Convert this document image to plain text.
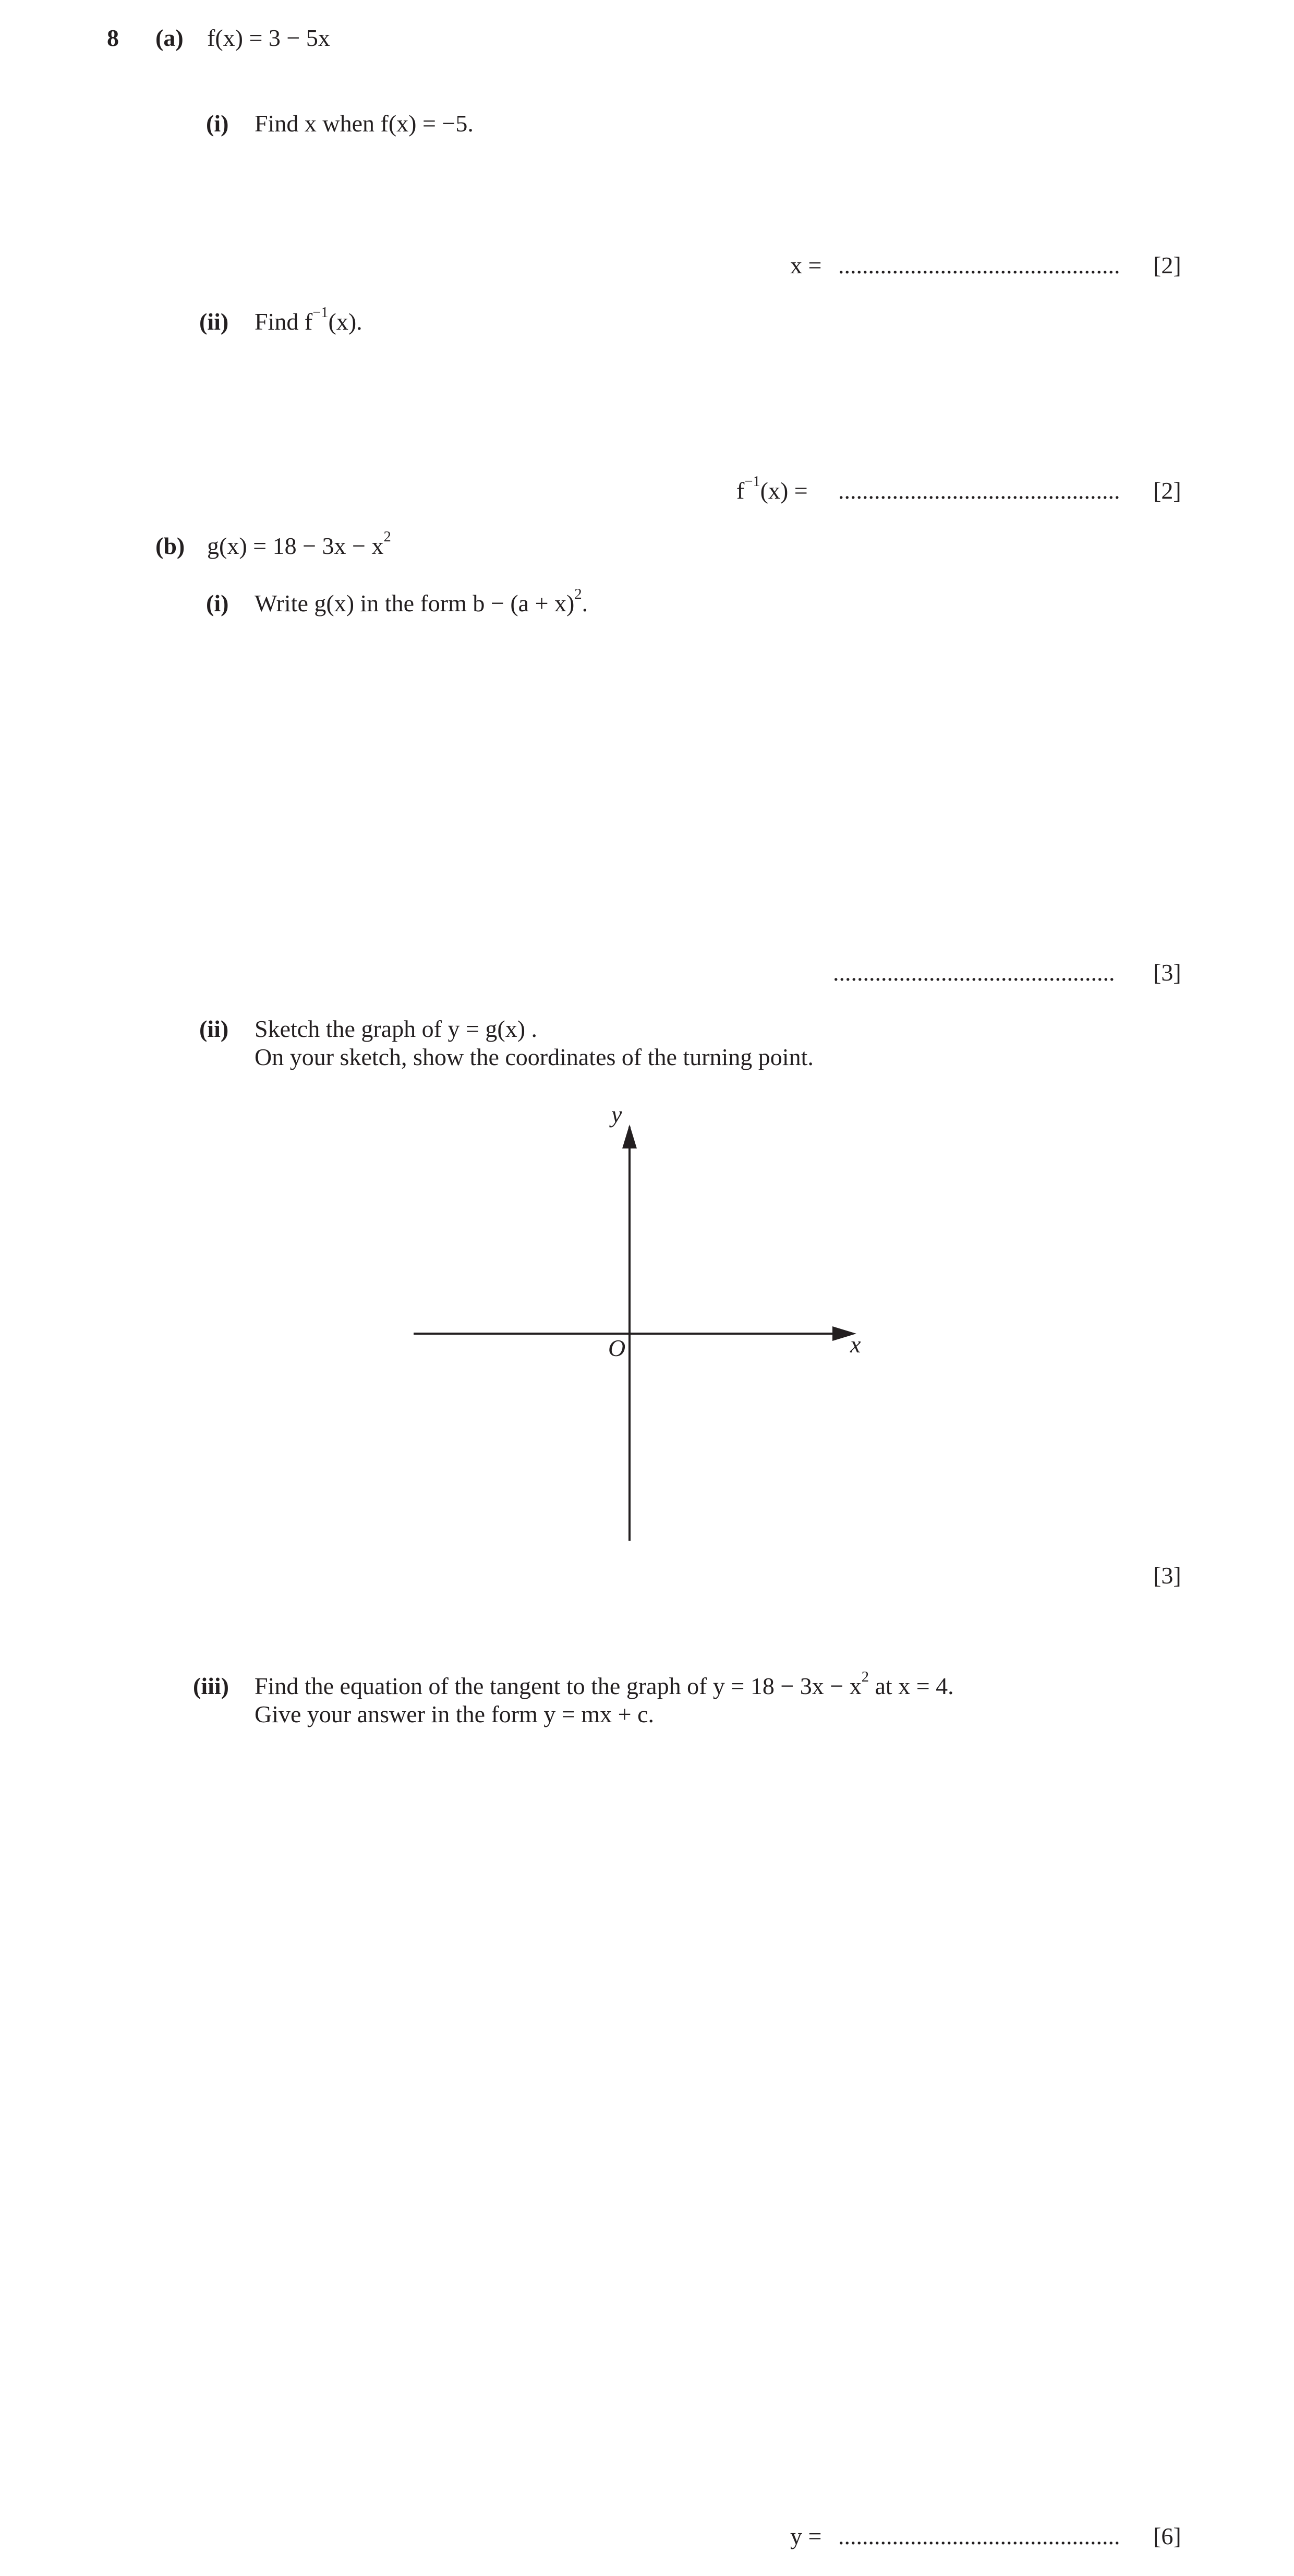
8 (a) f(x) = 3 − 5x
(i) Find x when f(x) = −5.
x = ............................................... [2]
(ii) Find $f^{-1}(x)$.
$f^{-1}(x)$ = ............................................... [2]
(b) $g(x) = 18 - 3x - x^2$
(i) Write g(x) in the form $b - (a + x)^2$.
............................................... [3]
(ii) Sketch the graph of y = g(x) .
On your sketch, show the coordinates of the turning point.
y
x
O
[3]
(iii) Find the equation of the tangent to the graph of $y = 18 - 3x - x^2$ at x = 4.
Give your answer in the form y = mx + c.
y = ............................................... [6]
